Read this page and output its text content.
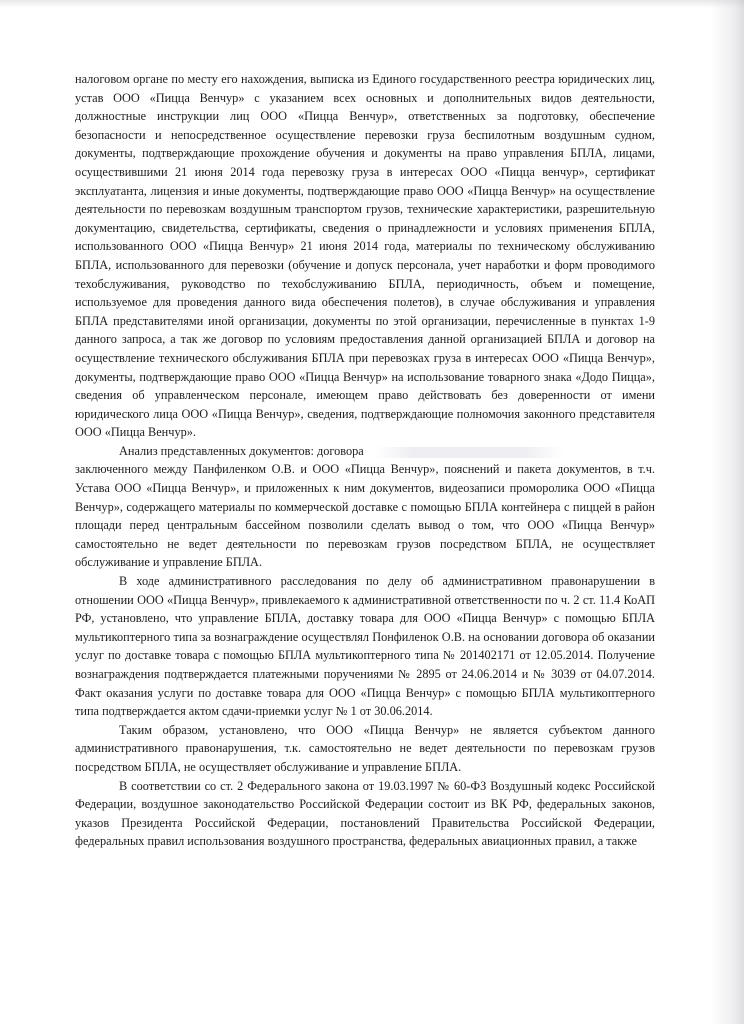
налоговом органе по месту его нахождения, выписка из Единого государственного реестра юридических лиц, устав ООО «Пицца Венчур» с указанием всех основных и дополнительных видов деятельности, должностные инструкции лиц ООО «Пицца Венчур», ответственных за подготовку, обеспечение безопасности и непосредственное осуществление перевозки груза беспилотным воздушным судном, документы, подтверждающие прохождение обучения и документы на право управления БПЛА, лицами, осуществившими 21 июня 2014 года перевозку груза в интересах ООО «Пицца венчур», сертификат эксплуатанта, лицензия и иные документы, подтверждающие право ООО «Пицца Венчур» на осуществление деятельности по перевозкам воздушным транспортом грузов, технические характеристики, разрешительную документацию, свидетельства, сертификаты, сведения о принадлежности и условиях применения БПЛА, использованного ООО «Пицца Венчур» 21 июня 2014 года, материалы по техническому обслуживанию БПЛА, использованного для перевозки (обучение и допуск персонала, учет наработки и форм проводимого техобслуживания, руководство по техобслуживанию БПЛА, периодичность, объем и помещение, используемое для проведения данного вида обеспечения полетов), в случае обслуживания и управления БПЛА представителями иной организации, документы по этой организации, перечисленные в пунктах 1-9 данного запроса, а так же договор по условиям предоставления данной организацией БПЛА и договор на осуществление технического обслуживания БПЛА при перевозках груза в интересах ООО «Пицца Венчур», документы, подтверждающие право ООО «Пицца Венчур» на использование товарного знака «Додо Пицца», сведения об управленческом персонале, имеющем право действовать без доверенности от имени юридического лица ООО «Пицца Венчур», сведения, подтверждающие полномочия законного представителя ООО «Пицца Венчур».

Анализ представленных документов: договора

заключенного между Панфиленком О.В. и ООО «Пицца Венчур», пояснений и пакета документов, в т.ч. Устава ООО «Пицца Венчур», и приложенных к ним документов, видеозаписи проморолика ООО «Пицца Венчур», содержащего материалы по коммерческой доставке с помощью БПЛА контейнера с пиццей в район площади перед центральным бассейном позволили сделать вывод о том, что ООО «Пицца Венчур» самостоятельно не ведет деятельности по перевозкам грузов посредством БПЛА, не осуществляет обслуживание и управление БПЛА.

В ходе административного расследования по делу об административном правонарушении в отношении ООО «Пицца Венчур», привлекаемого к административной ответственности по ч. 2 ст. 11.4 КоАП РФ, установлено, что управление БПЛА, доставку товара для ООО «Пицца Венчур» с помощью БПЛА мультикоптерного типа за вознаграждение осуществлял Понфиленок О.В. на основании договора об оказании услуг по доставке товара с помощью БПЛА мультикоптерного типа № 201402171 от 12.05.2014. Получение вознаграждения подтверждается платежными поручениями № 2895 от 24.06.2014 и № 3039 от 04.07.2014. Факт оказания услуги по доставке товара для ООО «Пицца Венчур» с помощью БПЛА мультикоптерного типа подтверждается актом сдачи-приемки услуг № 1 от 30.06.2014.

Таким образом, установлено, что ООО «Пицца Венчур» не является субъектом данного административного правонарушения, т.к. самостоятельно не ведет деятельности по перевозкам грузов посредством БПЛА, не осуществляет обслуживание и управление БПЛА.

В соответствии со ст. 2 Федерального закона от 19.03.1997 № 60-ФЗ Воздушный кодекс Российской Федерации, воздушное законодательство Российской Федерации состоит из ВК РФ, федеральных законов, указов Президента Российской Федерации, постановлений Правительства Российской Федерации, федеральных правил использования воздушного пространства, федеральных авиационных правил, а также
